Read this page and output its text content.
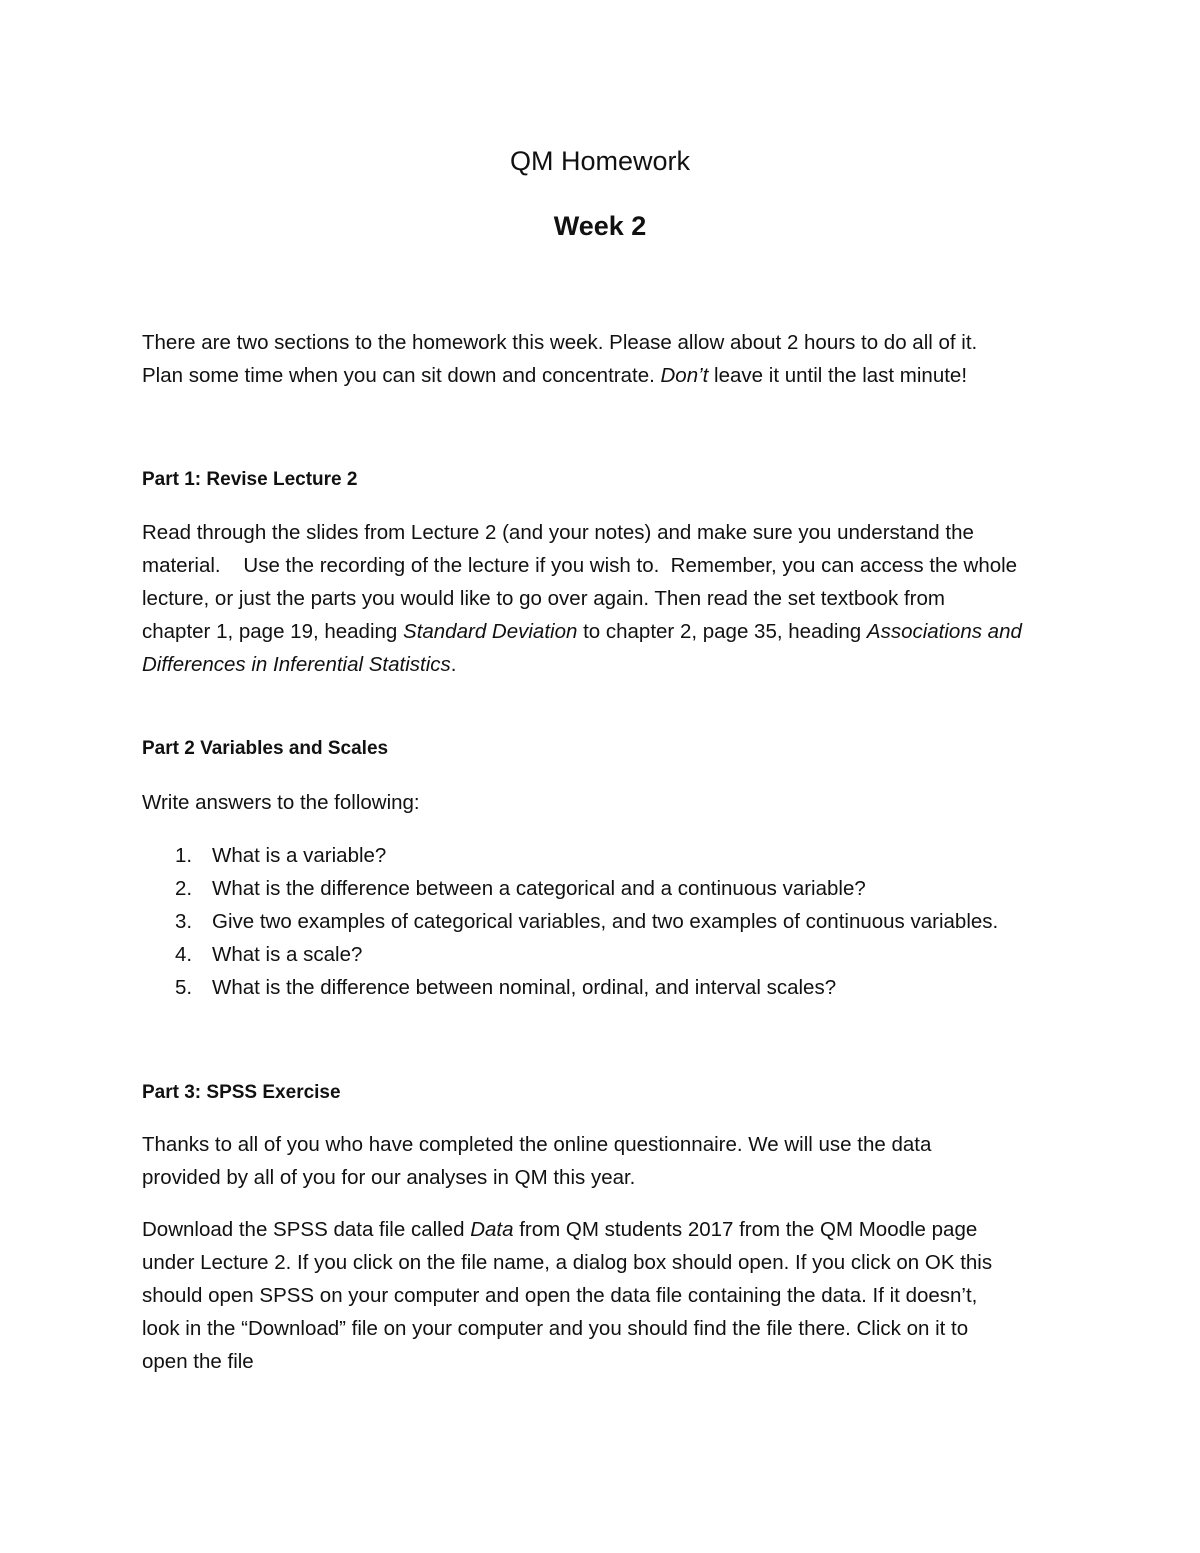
QM Homework
Week 2

There are two sections to the homework this week. Please allow about 2 hours to do all of it.
Plan some time when you can sit down and concentrate. Don’t leave it until the last minute!

Part 1: Revise Lecture 2

Read through the slides from Lecture 2 (and your notes) and make sure you understand the
material.    Use the recording of the lecture if you wish to.  Remember, you can access the whole
lecture, or just the parts you would like to go over again. Then read the set textbook from
chapter 1, page 19, heading Standard Deviation to chapter 2, page 35, heading Associations and
Differences in Inferential Statistics.

Part 2 Variables and Scales

Write answers to the following:

1. What is a variable?
2. What is the difference between a categorical and a continuous variable?
3. Give two examples of categorical variables, and two examples of continuous variables.
4. What is a scale?
5. What is the difference between nominal, ordinal, and interval scales?
Part 3: SPSS Exercise

Thanks to all of you who have completed the online questionnaire. We will use the data
provided by all of you for our analyses in QM this year.

Download the SPSS data file called Data from QM students 2017 from the QM Moodle page
under Lecture 2. If you click on the file name, a dialog box should open. If you click on OK this
should open SPSS on your computer and open the data file containing the data. If it doesn’t,
look in the “Download” file on your computer and you should find the file there. Click on it to
open the file
